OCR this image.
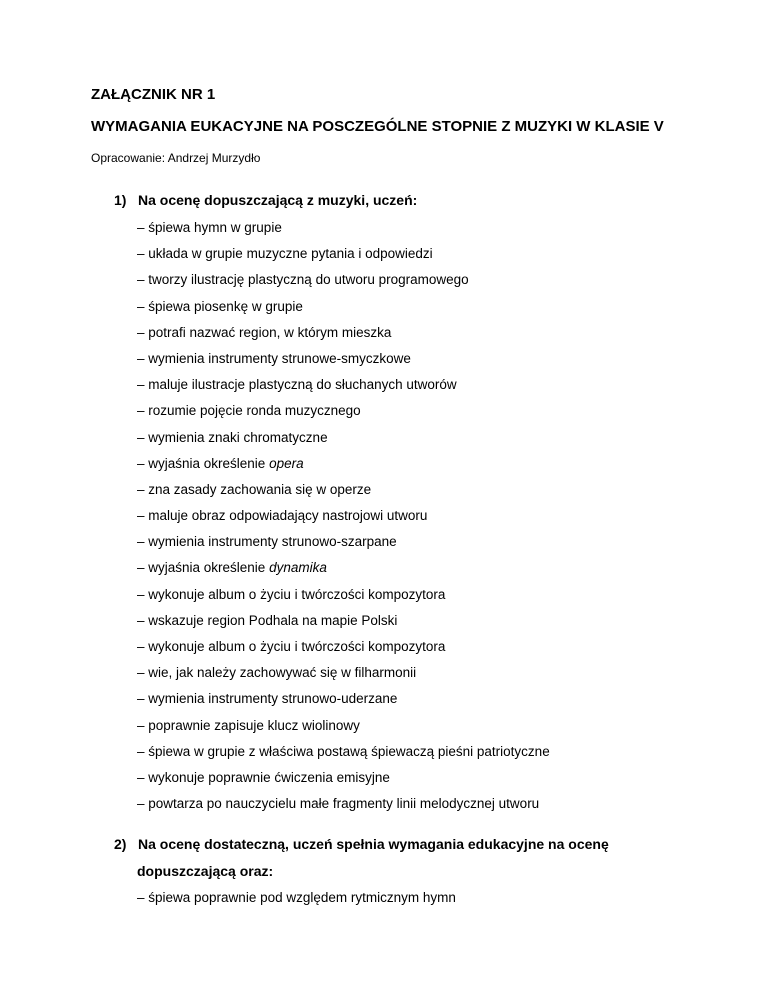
ZAŁĄCZNIK NR 1
WYMAGANIA EUKACYJNE NA POSCZEGÓLNE STOPNIE Z MUZYKI W KLASIE V
Opracowanie: Andrzej Murzydło
1) Na ocenę dopuszczającą z muzyki, uczeń:
– śpiewa hymn w grupie
– układa w grupie muzyczne pytania i odpowiedzi
– tworzy ilustrację plastyczną do utworu programowego
– śpiewa piosenkę w grupie
– potrafi nazwać region, w którym mieszka
– wymienia instrumenty strunowe-smyczkowe
– maluje ilustracje plastyczną do słuchanych utworów
– rozumie pojęcie ronda muzycznego
– wymienia znaki chromatyczne
– wyjaśnia określenie opera
– zna zasady zachowania się w operze
– maluje obraz odpowiadający nastrojowi utworu
– wymienia instrumenty strunowo-szarpane
– wyjaśnia określenie dynamika
– wykonuje album o życiu i twórczości kompozytora
– wskazuje region Podhala na mapie Polski
– wykonuje album o życiu i twórczości kompozytora
– wie, jak należy zachowywać się w filharmonii
– wymienia instrumenty strunowo-uderzane
– poprawnie zapisuje klucz wiolinowy
– śpiewa w grupie z właściwa postawą śpiewaczą pieśni patriotyczne
– wykonuje poprawnie ćwiczenia emisyjne
– powtarza po nauczycielu małe fragmenty linii melodycznej utworu
2) Na ocenę dostateczną, uczeń spełnia wymagania edukacyjne na ocenę
dopuszczającą oraz:
– śpiewa poprawnie pod względem rytmicznym hymn
